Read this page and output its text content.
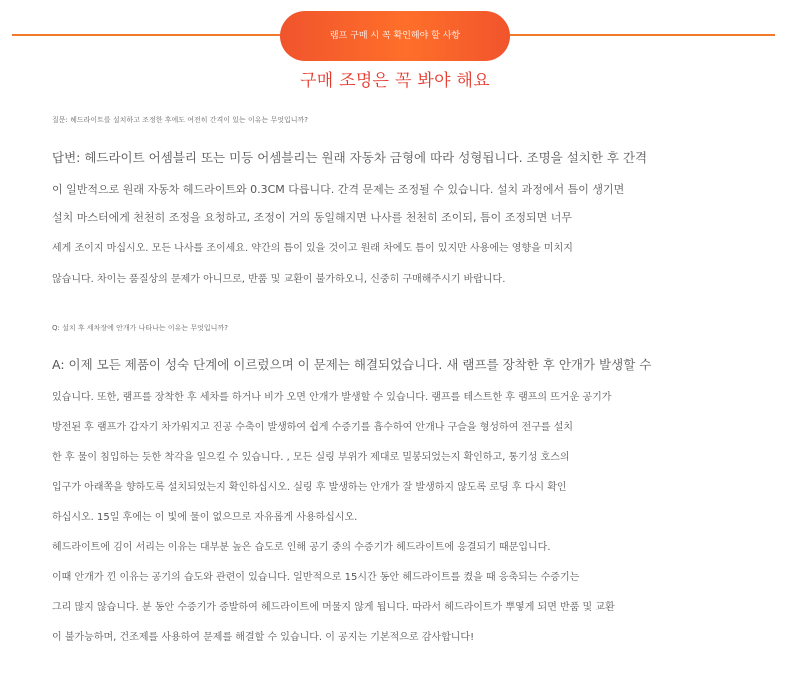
램프 구매 시 꼭 확인해야 할 사항
구매 조명은 꼭 봐야 해요
질문: 헤드라이트를 설치하고 조정한 후에도 여전히 간격이 있는 이유는 무엇입니까?
답변: 헤드라이트 어셈블리 또는 미등 어셈블리는 원래 자동차 금형에 따라 성형됩니다. 조명을 설치한 후 간격
이 일반적으로 원래 자동차 헤드라이트와 0.3CM 다릅니다. 간격 문제는 조정될 수 있습니다. 설치 과정에서 틈이 생기면
설치 마스터에게 천천히 조정을 요청하고, 조정이 거의 동일해지면 나사를 천천히 조이되, 틈이 조정되면 너무
세게 조이지 마십시오. 모든 나사를 조이세요. 약간의 틈이 있을 것이고 원래 차에도 틈이 있지만 사용에는 영향을 미치지
않습니다. 차이는 품질상의 문제가 아니므로, 반품 및 교환이 불가하오니, 신중히 구매해주시기 바랍니다.
Q: 설치 후 세차장에 안개가 나타나는 이유는 무엇입니까?
A: 이제 모든 제품이 성숙 단계에 이르렀으며 이 문제는 해결되었습니다. 새 램프를 장착한 후 안개가 발생할 수
있습니다. 또한, 램프를 장착한 후 세차를 하거나 비가 오면 안개가 발생할 수 있습니다. 램프를 테스트한 후 램프의 뜨거운 공기가
방전된 후 램프가 갑자기 차가워지고 진공 수축이 발생하여 쉽게 수증기를 흡수하여 안개나 구슬을 형성하여 전구를 설치
한 후 물이 침입하는 듯한 착각을 일으킬 수 있습니다. , 모든 실링 부위가 제대로 밀봉되었는지 확인하고, 통기성 호스의
입구가 아래쪽을 향하도록 설치되었는지 확인하십시오. 실링 후 발생하는 안개가 잘 발생하지 않도록 로딩 후 다시 확인
하십시오. 15일 후에는 이 빛에 물이 없으므로 자유롭게 사용하십시오.
헤드라이트에 김이 서리는 이유는 대부분 높은 습도로 인해 공기 중의 수증기가 헤드라이트에 응결되기 때문입니다.
이때 안개가 낀 이유는 공기의 습도와 관련이 있습니다. 일반적으로 15시간 동안 헤드라이트를 켰을 때 응축되는 수증기는
그리 많지 않습니다. 분 동안 수증기가 증발하여 헤드라이트에 머물지 않게 됩니다. 따라서 헤드라이트가 뿌옇게 되면 반품 및 교환
이 불가능하며, 건조제를 사용하여 문제를 해결할 수 있습니다. 이 공지는 기본적으로 감사합니다!
